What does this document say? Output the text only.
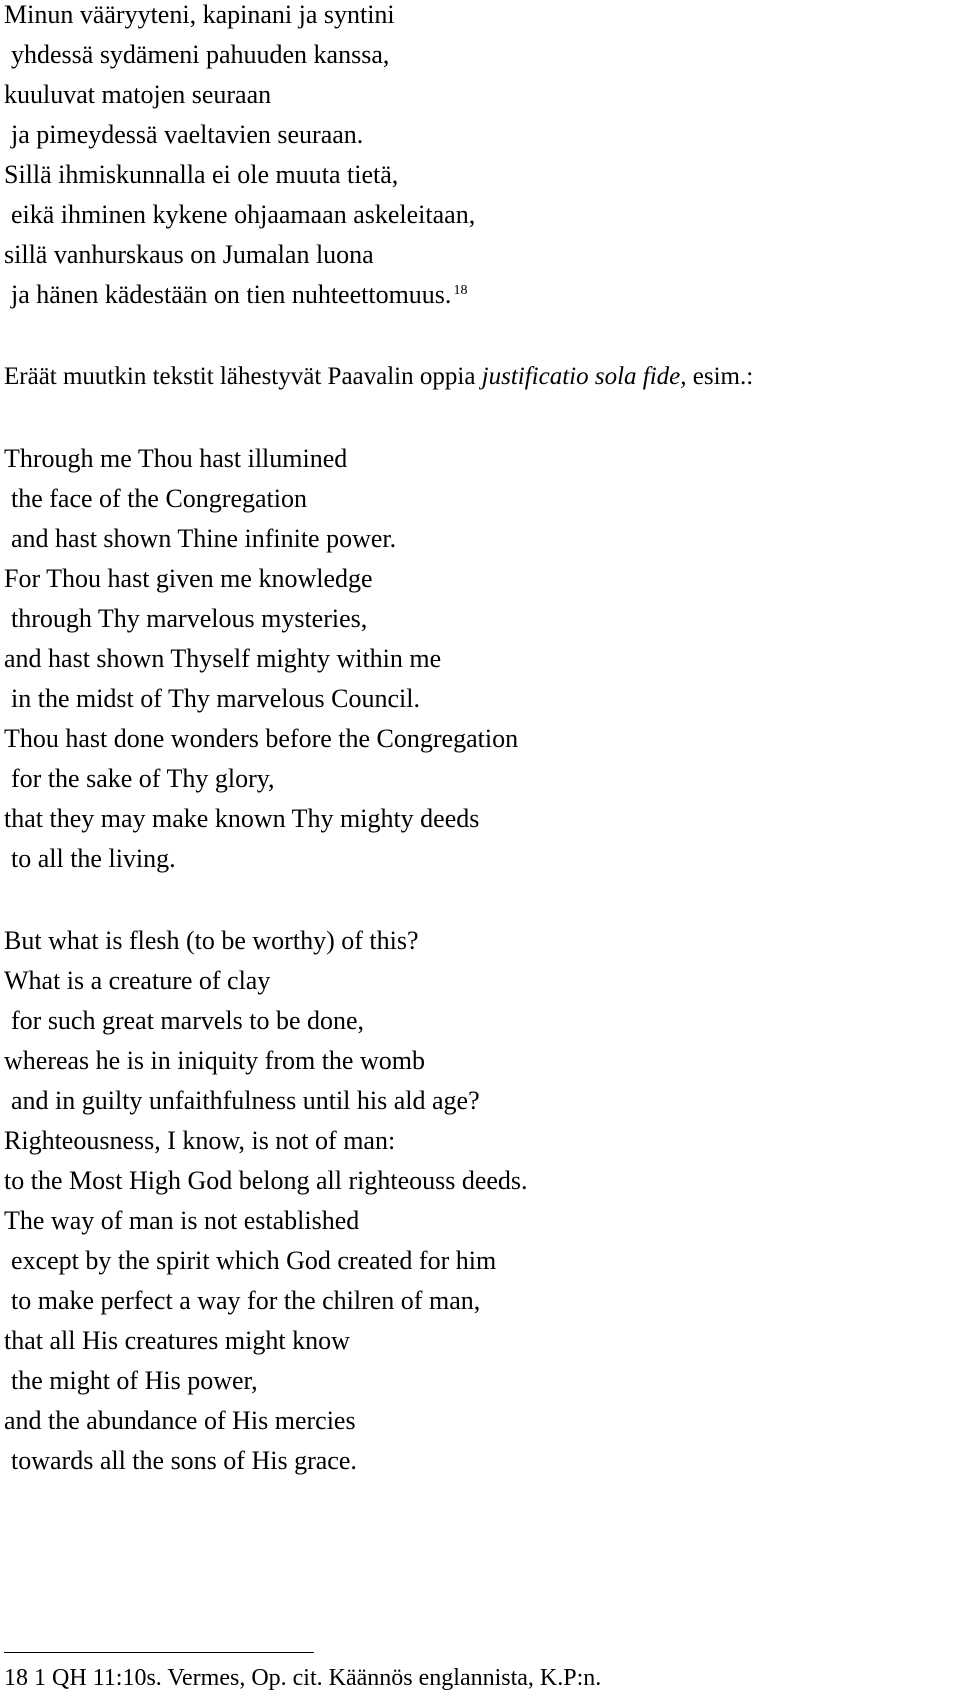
Minun vääryyteni, kapinani ja syntini
yhdessä sydämeni pahuuden kanssa,
kuuluvat matojen seuraan
ja pimeydessä vaeltavien seuraan.
Sillä ihmiskunnalla ei ole muuta tietä,
eikä ihminen kykene ohjaamaan askeleitaan,
sillä vanhurskaus on Jumalan luona
ja hänen kädestään on tien nuhteettomuus. $^{18}$
Eräät muutkin tekstit lähestyvät Paavalin oppia justificatio sola fide, esim.:
Through me Thou hast illumined
the face of the Congregation
and hast shown Thine infinite power.
For Thou hast given me knowledge
through Thy marvelous mysteries,
and hast shown Thyself mighty within me
in the midst of Thy marvelous Council.
Thou hast done wonders before the Congregation
for the sake of Thy glory,
that they may make known Thy mighty deeds
to all the living.
But what is flesh (to be worthy) of this?
What is a creature of clay
for such great marvels to be done,
whereas he is in iniquity from the womb
and in guilty unfaithfulness until his ald age?
Righteousness, I know, is not of man:
to the Most High God belong all righteouss deeds.
The way of man is not established
except by the spirit which God created for him
to make perfect a way for the chilren of man,
that all His creatures might know
the might of His power,
and the abundance of His mercies
towards all the sons of His grace.
18 1 QH 11:10s. Vermes, Op. cit. Käännös englannista, K.P:n.
